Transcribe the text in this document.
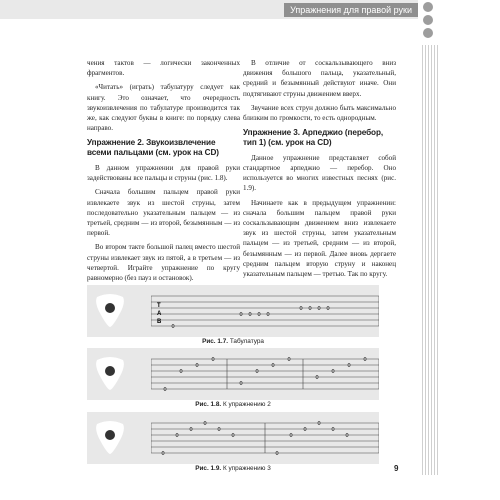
Упражнения для правой руки

чения тактов — логически законченных фрагментов.

«Читать» (играть) табулатуру следует как книгу. Это означает, что очередность звукоизвлечения по табулатуре производится так же, как следуют буквы в книге: по порядку слева направо.

Упражнение 2. Звукоизвлечение всеми пальцами (см. урок на CD)

В данном упражнении для правой руки задействованы все пальцы и струны (рис. 1.8).

Сначала большим пальцем правой руки извлекаете звук из шестой струны, затем последовательно указательным пальцем — из третьей, средним — из второй, безымянным — из первой.

Во втором такте большой палец вместо шестой струны извлекает звук из пятой, а в третьем — из четвертой. Играйте упражнение по кругу равномерно (без пауз и остановок).

В отличие от соскальзывающего вниз движения большого пальца, указательный, средний и безымянный действуют иначе. Они подтягивают струны движением вверх.

Звучание всех струн должно быть максимально близким по громкости, то есть однородным.

Упражнение 3. Арпеджио (перебор, тип 1) (см. урок на CD)

Данное упражнение представляет собой стандартное арпеджио — перебор. Оно используется во многих известных песнях (рис. 1.9).

Начинаете как в предыдущем упражнении: сначала большим пальцем правой руки соскальзывающим движением вниз извлекаете звук из шестой струны, затем указательным пальцем — из третьей, средним — из второй, безымянным — из первой. Далее вновь дергаете средним пальцем вторую струну и наконец указательным пальцем — третью. Так по кругу.

T
A
B
0
0 0 0 0
0 0 0 0
Рис. 1.7. Табулатура
0
0
0
0
0
0
0
0
0
0
0
0
Рис. 1.8. К упражнению 2
0
0
0
0
0
0
0
0
0
0
0
0
Рис. 1.9. К упражнению 3	9
